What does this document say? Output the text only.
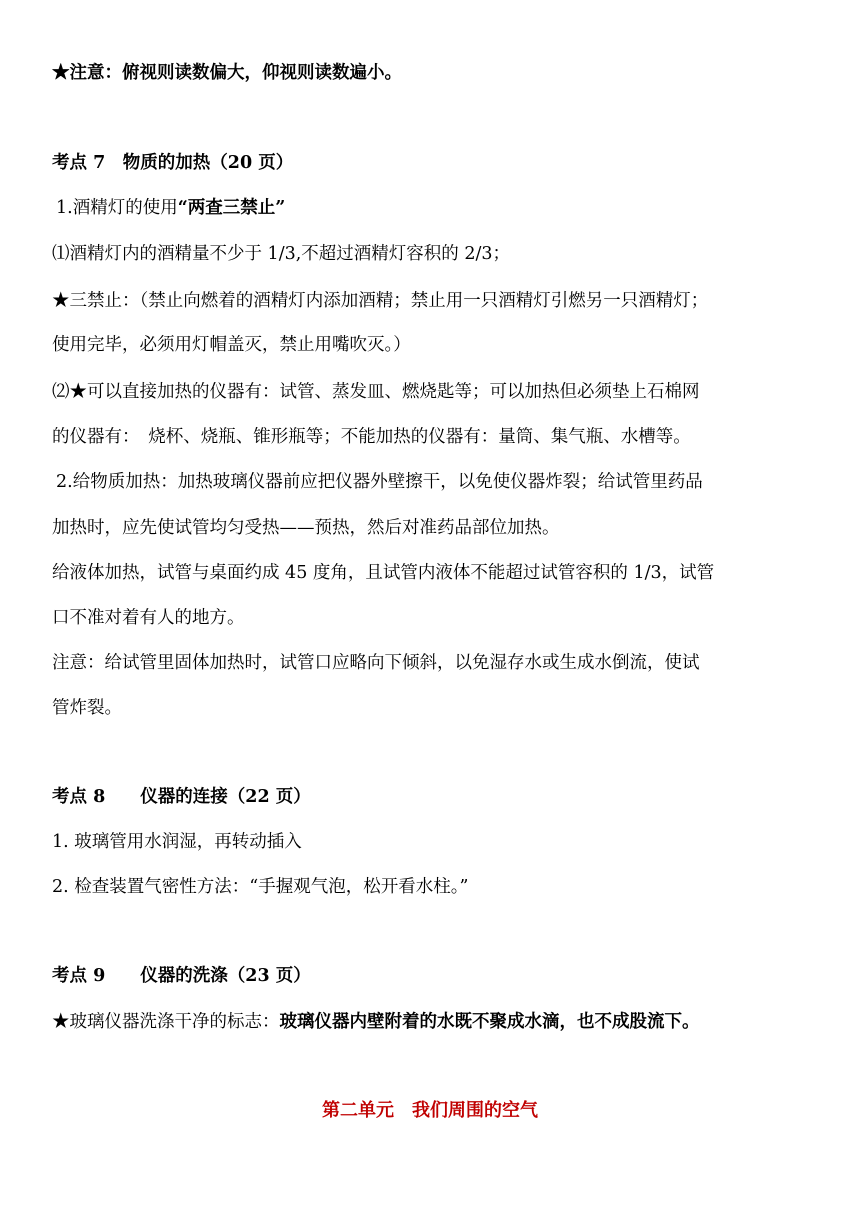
★注意：俯视则读数偏大，仰视则读数遍小。
考点 7　物质的加热（20 页）
1.酒精灯的使用“两查三禁止”
⑴酒精灯内的酒精量不少于 1/3,不超过酒精灯容积的 2/3；
★三禁止：（禁止向燃着的酒精灯内添加酒精；禁止用一只酒精灯引燃另一只酒精灯；
使用完毕，必须用灯帽盖灭，禁止用嘴吹灭。）
⑵★可以直接加热的仪器有：试管、蒸发皿、燃烧匙等；可以加热但必须垫上石棉网
的仪器有：　烧杯、烧瓶、锥形瓶等；不能加热的仪器有：量筒、集气瓶、水槽等。
2.给物质加热：加热玻璃仪器前应把仪器外壁擦干，以免使仪器炸裂；给试管里药品
加热时，应先使试管均匀受热——预热，然后对准药品部位加热。
给液体加热，试管与桌面约成 45 度角，且试管内液体不能超过试管容积的 1/3，试管
口不准对着有人的地方。
注意：给试管里固体加热时，试管口应略向下倾斜，以免湿存水或生成水倒流，使试
管炸裂。
考点 8　　仪器的连接（22 页）
1. 玻璃管用水润湿，再转动插入
2. 检查装置气密性方法：“手握观气泡，松开看水柱。”
考点 9　　仪器的洗涤（23 页）
★玻璃仪器洗涤干净的标志：玻璃仪器内壁附着的水既不聚成水滴，也不成股流下。
第二单元　我们周围的空气
